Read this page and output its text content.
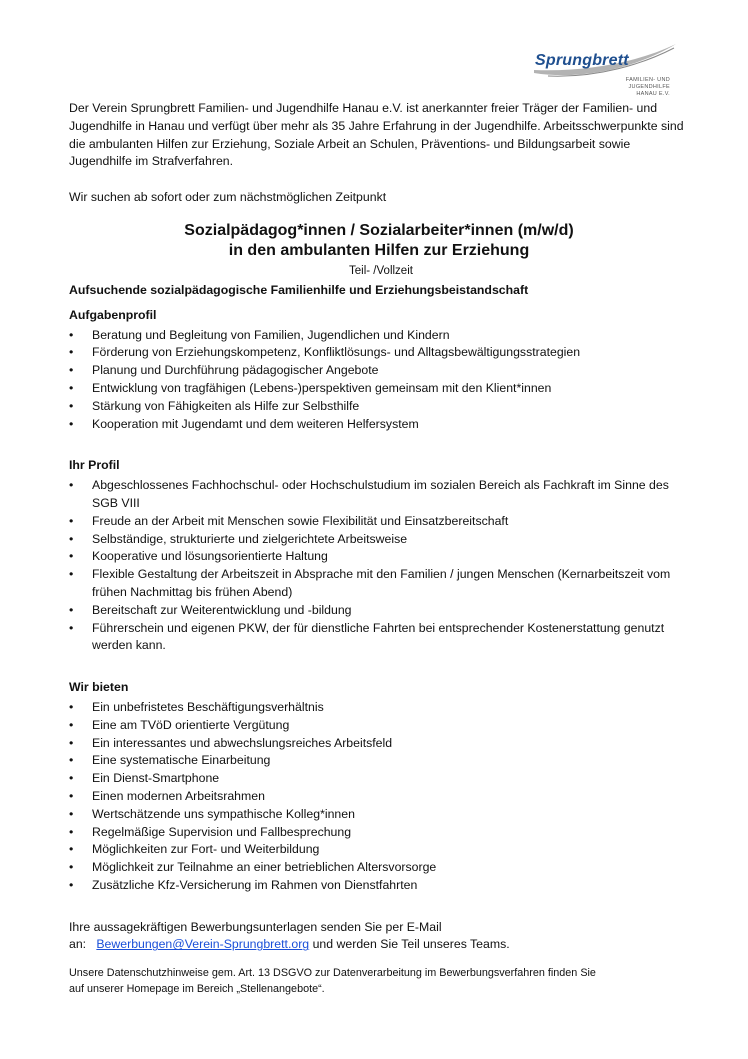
Sprungbrett
FAMILIEN- UND JUGENDHILFE
HANAU E.V.

Der Verein Sprungbrett Familien- und Jugendhilfe Hanau e.V. ist anerkannter freier Träger der Familien- und Jugendhilfe in Hanau und verfügt über mehr als 35 Jahre Erfahrung in der Jugendhilfe. Arbeitsschwerpunkte sind die ambulanten Hilfen zur Erziehung, Soziale Arbeit an Schulen, Präventions- und Bildungsarbeit sowie Jugendhilfe im Strafverfahren.

Wir suchen ab sofort oder zum nächstmöglichen Zeitpunkt

Sozialpädagog*innen / Sozialarbeiter*innen (m/w/d)
in den ambulanten Hilfen zur Erziehung
Teil- /Vollzeit
Aufsuchende sozialpädagogische Familienhilfe und Erziehungsbeistandschaft
Aufgabenprofil
• Beratung und Begleitung von Familien, Jugendlichen und Kindern
• Förderung von Erziehungskompetenz, Konfliktlösungs- und Alltagsbewältigungsstrategien
• Planung und Durchführung pädagogischer Angebote
• Entwicklung von tragfähigen (Lebens-)perspektiven gemeinsam mit den Klient*innen
• Stärkung von Fähigkeiten als Hilfe zur Selbsthilfe
• Kooperation mit Jugendamt und dem weiteren Helfersystem
Ihr Profil
• Abgeschlossenes Fachhochschul- oder Hochschulstudium im sozialen Bereich als Fachkraft im Sinne des SGB VIII
• Freude an der Arbeit mit Menschen sowie Flexibilität und Einsatzbereitschaft
• Selbständige, strukturierte und zielgerichtete Arbeitsweise
• Kooperative und lösungsorientierte Haltung
• Flexible Gestaltung der Arbeitszeit in Absprache mit den Familien / jungen Menschen (Kernarbeitszeit vom frühen Nachmittag bis frühen Abend)
• Bereitschaft zur Weiterentwicklung und -bildung
• Führerschein und eigenen PKW, der für dienstliche Fahrten bei entsprechender Kostenerstattung genutzt werden kann.
Wir bieten
• Ein unbefristetes Beschäftigungsverhältnis
• Eine am TVöD orientierte Vergütung
• Ein interessantes und abwechslungsreiches Arbeitsfeld
• Eine systematische Einarbeitung
• Ein Dienst-Smartphone
• Einen modernen Arbeitsrahmen
• Wertschätzende uns sympathische Kolleg*innen
• Regelmäßige Supervision und Fallbesprechung
• Möglichkeiten zur Fort- und Weiterbildung
• Möglichkeit zur Teilnahme an einer betrieblichen Altersvorsorge
• Zusätzliche Kfz-Versicherung im Rahmen von Dienstfahrten
Ihre aussagekräftigen Bewerbungsunterlagen senden Sie per E-Mail
an: Bewerbungen@Verein-Sprungbrett.org und werden Sie Teil unseres Teams.
Unsere Datenschutzhinweise gem. Art. 13 DSGVO zur Datenverarbeitung im Bewerbungsverfahren finden Sie
auf unserer Homepage im Bereich „Stellenangebote“.
